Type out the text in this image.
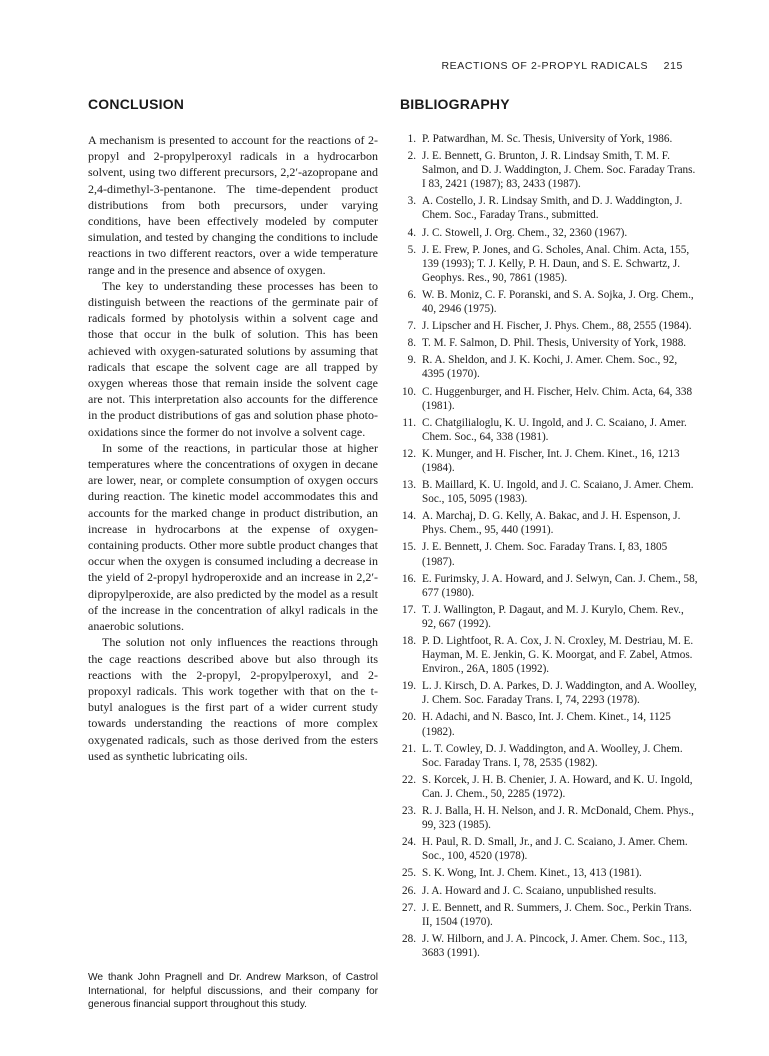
REACTIONS OF 2-PROPYL RADICALS 215
CONCLUSION

A mechanism is presented to account for the reactions of 2-propyl and 2-propylperoxyl radicals in a hydrocarbon solvent, using two different precursors, 2,2′-azopropane and 2,4-dimethyl-3-pentanone. The time-dependent product distributions from both precursors, under varying conditions, have been effectively modeled by computer simulation, and tested by changing the conditions to include reactions in two different reactors, over a wide temperature range and in the presence and absence of oxygen.

The key to understanding these processes has been to distinguish between the reactions of the germinate pair of radicals formed by photolysis within a solvent cage and those that occur in the bulk of solution. This has been achieved with oxygen-saturated solutions by assuming that radicals that escape the solvent cage are all trapped by oxygen whereas those that remain inside the solvent cage are not. This interpretation also accounts for the difference in the product distributions of gas and solution phase photo-oxidations since the former do not involve a solvent cage.

In some of the reactions, in particular those at higher temperatures where the concentrations of oxygen in decane are lower, near, or complete consumption of oxygen occurs during reaction. The kinetic model accommodates this and accounts for the marked change in product distribution, an increase in hydrocarbons at the expense of oxygen-containing products. Other more subtle product changes that occur when the oxygen is consumed including a decrease in the yield of 2-propyl hydroperoxide and an increase in 2,2′-dipropylperoxide, are also predicted by the model as a result of the increase in the concentration of alkyl radicals in the anaerobic solutions.

The solution not only influences the reactions through the cage reactions described above but also through its reactions with the 2-propyl, 2-propylperoxyl, and 2-propoxyl radicals. This work together with that on the t-butyl analogues is the first part of a wider current study towards understanding the reactions of more complex oxygenated radicals, such as those derived from the esters used as synthetic lubricating oils.

We thank John Pragnell and Dr. Andrew Markson, of Castrol International, for helpful discussions, and their company for generous financial support throughout this study.

BIBLIOGRAPHY
1. P. Patwardhan, M. Sc. Thesis, University of York, 1986.
2. J. E. Bennett, G. Brunton, J. R. Lindsay Smith, T. M. F. Salmon, and D. J. Waddington, J. Chem. Soc. Faraday Trans. I 83, 2421 (1987); 83, 2433 (1987).
3. A. Costello, J. R. Lindsay Smith, and D. J. Waddington, J. Chem. Soc., Faraday Trans., submitted.
4. J. C. Stowell, J. Org. Chem., 32, 2360 (1967).
5. J. E. Frew, P. Jones, and G. Scholes, Anal. Chim. Acta, 155, 139 (1993); T. J. Kelly, P. H. Daun, and S. E. Schwartz, J. Geophys. Res., 90, 7861 (1985).
6. W. B. Moniz, C. F. Poranski, and S. A. Sojka, J. Org. Chem., 40, 2946 (1975).
7. J. Lipscher and H. Fischer, J. Phys. Chem., 88, 2555 (1984).
8. T. M. F. Salmon, D. Phil. Thesis, University of York, 1988.
9. R. A. Sheldon, and J. K. Kochi, J. Amer. Chem. Soc., 92, 4395 (1970).
10. C. Huggenburger, and H. Fischer, Helv. Chim. Acta, 64, 338 (1981).
11. C. Chatgilialoglu, K. U. Ingold, and J. C. Scaiano, J. Amer. Chem. Soc., 64, 338 (1981).
12. K. Munger, and H. Fischer, Int. J. Chem. Kinet., 16, 1213 (1984).
13. B. Maillard, K. U. Ingold, and J. C. Scaiano, J. Amer. Chem. Soc., 105, 5095 (1983).
14. A. Marchaj, D. G. Kelly, A. Bakac, and J. H. Espenson, J. Phys. Chem., 95, 440 (1991).
15. J. E. Bennett, J. Chem. Soc. Faraday Trans. I, 83, 1805 (1987).
16. E. Furimsky, J. A. Howard, and J. Selwyn, Can. J. Chem., 58, 677 (1980).
17. T. J. Wallington, P. Dagaut, and M. J. Kurylo, Chem. Rev., 92, 667 (1992).
18. P. D. Lightfoot, R. A. Cox, J. N. Croxley, M. Destriau, M. E. Hayman, M. E. Jenkin, G. K. Moorgat, and F. Zabel, Atmos. Environ., 26A, 1805 (1992).
19. L. J. Kirsch, D. A. Parkes, D. J. Waddington, and A. Woolley, J. Chem. Soc. Faraday Trans. I, 74, 2293 (1978).
20. H. Adachi, and N. Basco, Int. J. Chem. Kinet., 14, 1125 (1982).
21. L. T. Cowley, D. J. Waddington, and A. Woolley, J. Chem. Soc. Faraday Trans. I, 78, 2535 (1982).
22. S. Korcek, J. H. B. Chenier, J. A. Howard, and K. U. Ingold, Can. J. Chem., 50, 2285 (1972).
23. R. J. Balla, H. H. Nelson, and J. R. McDonald, Chem. Phys., 99, 323 (1985).
24. H. Paul, R. D. Small, Jr., and J. C. Scaiano, J. Amer. Chem. Soc., 100, 4520 (1978).
25. S. K. Wong, Int. J. Chem. Kinet., 13, 413 (1981).
26. J. A. Howard and J. C. Scaiano, unpublished results.
27. J. E. Bennett, and R. Summers, J. Chem. Soc., Perkin Trans. II, 1504 (1970).
28. J. W. Hilborn, and J. A. Pincock, J. Amer. Chem. Soc., 113, 3683 (1991).
